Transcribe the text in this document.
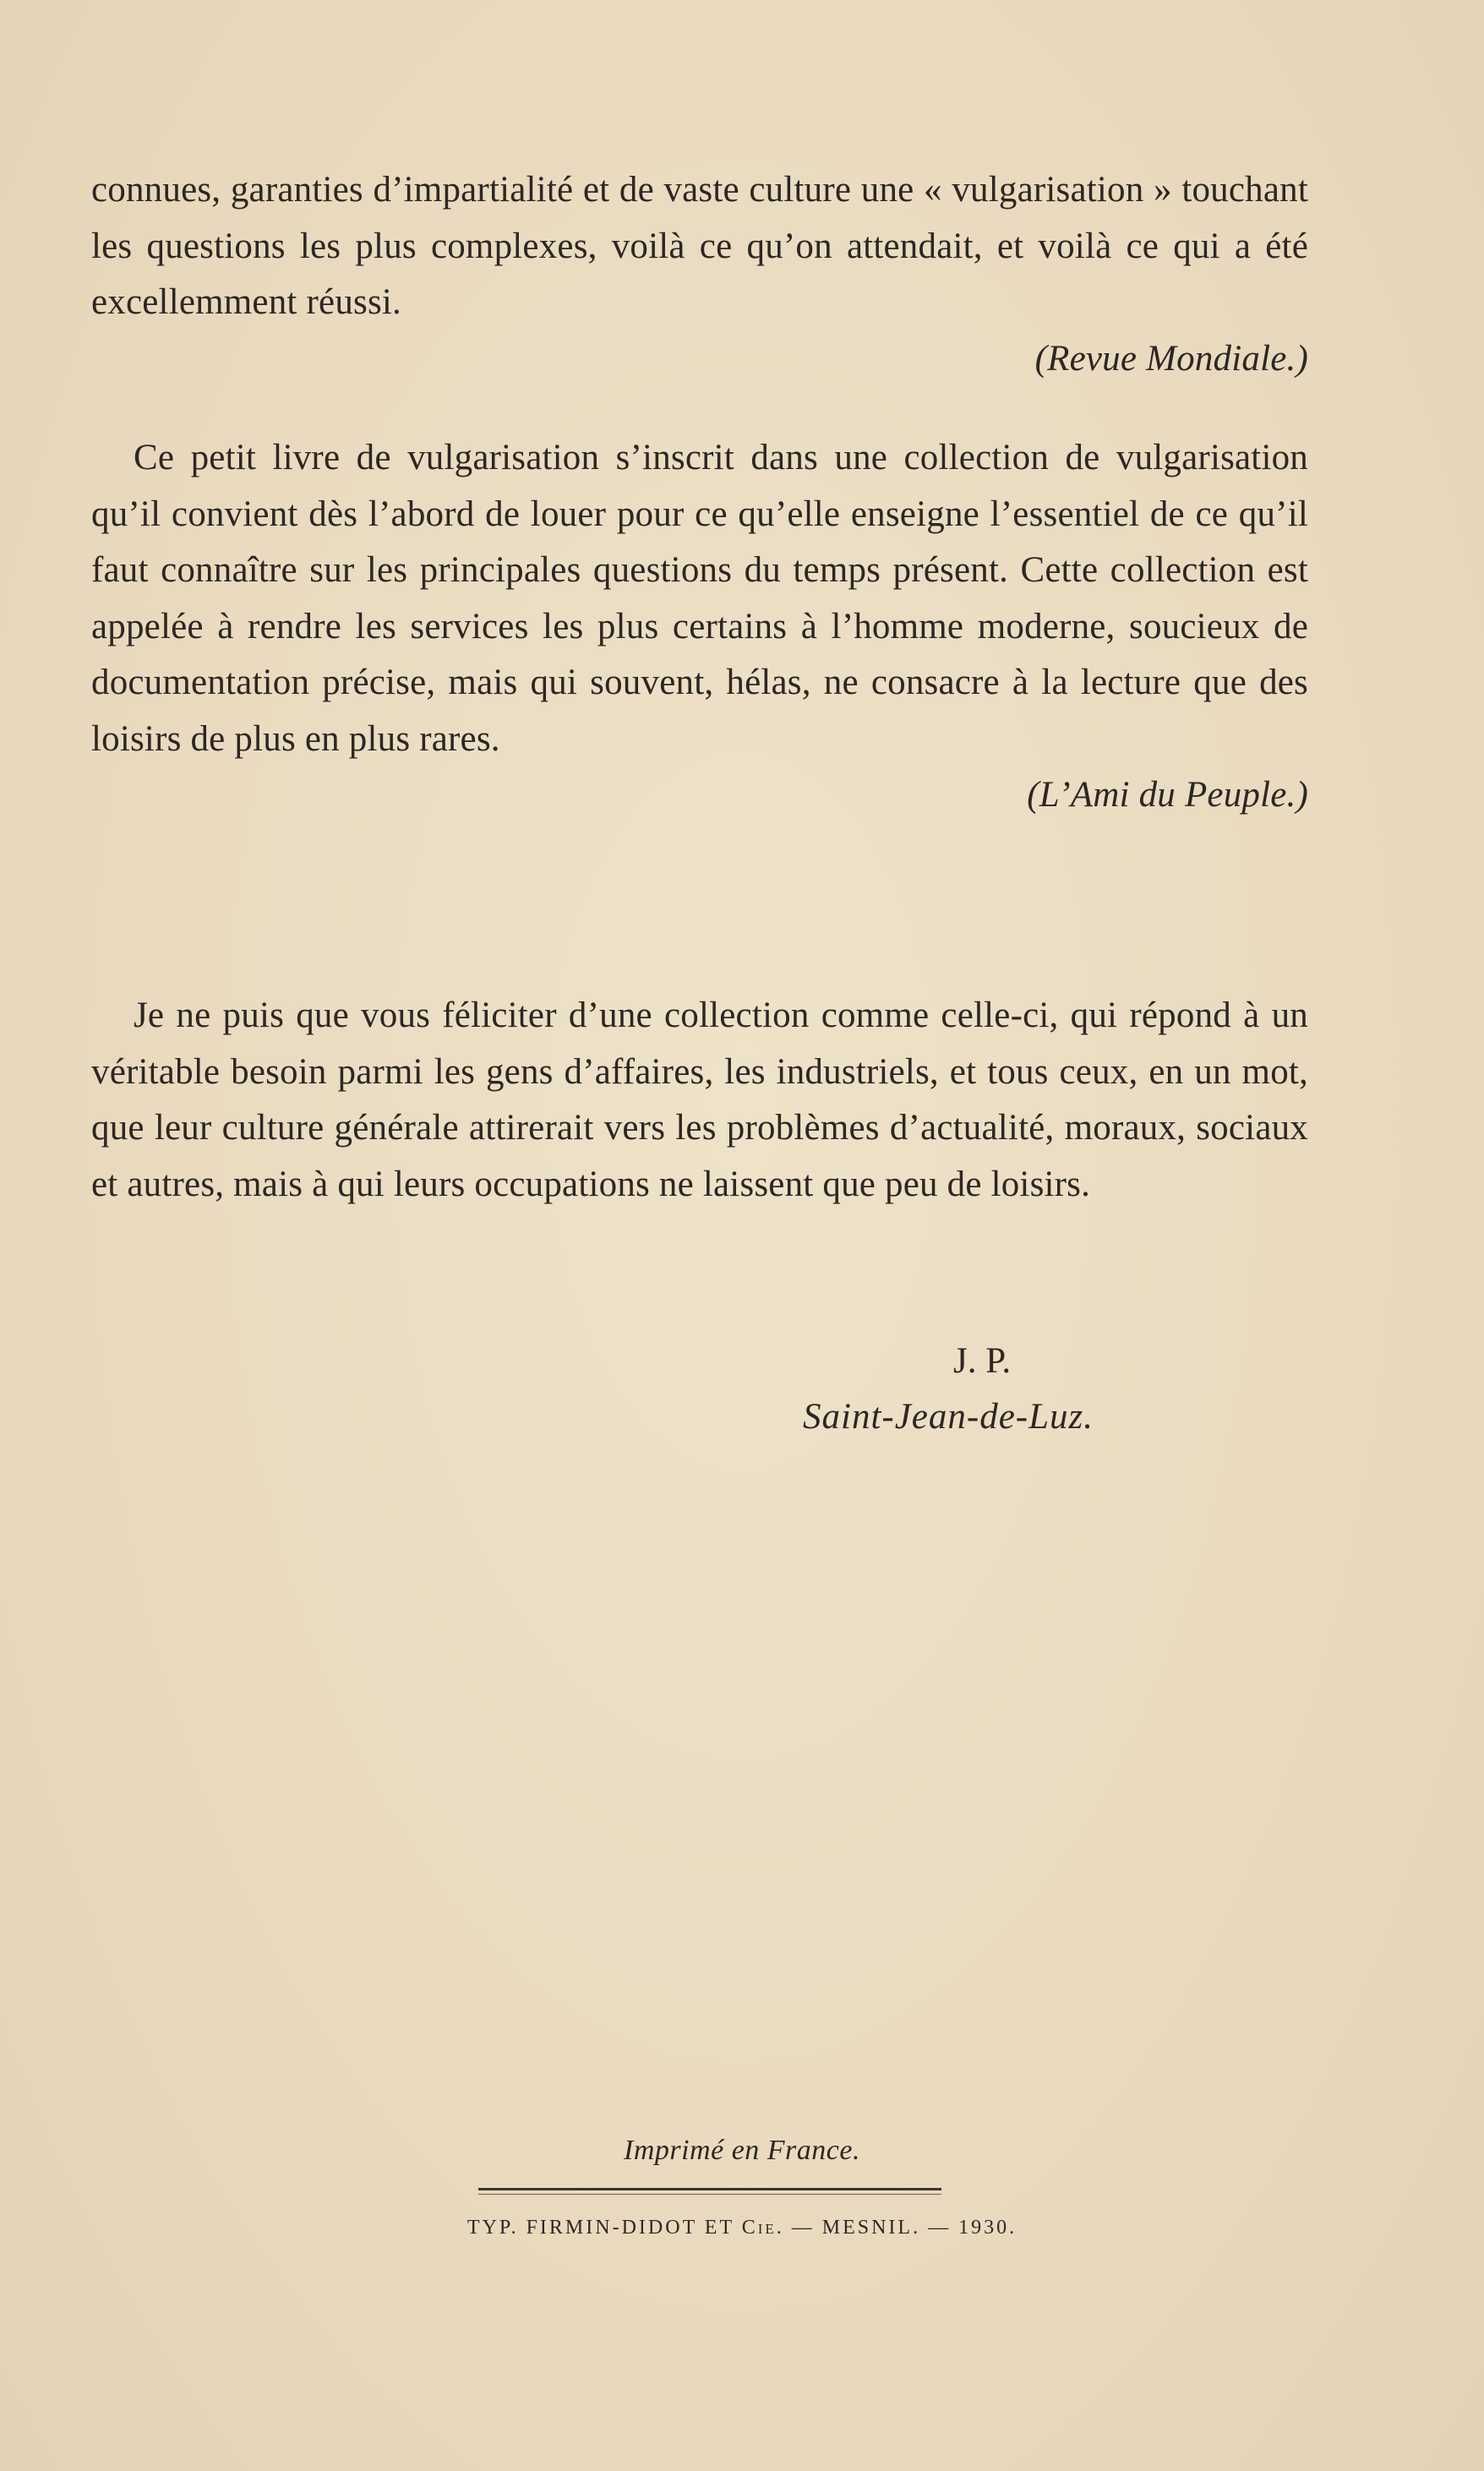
connues, garanties d’impartialité et de vaste culture une « vulgarisation » touchant les questions les plus complexes, voilà ce qu’on attendait, et voilà ce qui a été excellemment réussi.

(Revue Mondiale.)

Ce petit livre de vulgarisation s’inscrit dans une collection de vulgarisation qu’il convient dès l’abord de louer pour ce qu’elle enseigne l’essentiel de ce qu’il faut connaître sur les principales questions du temps présent. Cette collection est appelée à rendre les services les plus certains à l’homme moderne, soucieux de documentation précise, mais qui souvent, hélas, ne consacre à la lecture que des loisirs de plus en plus rares.

(L’Ami du Peuple.)

Je ne puis que vous féliciter d’une collection comme celle-ci, qui répond à un véritable besoin parmi les gens d’affaires, les industriels, et tous ceux, en un mot, que leur culture générale attirerait vers les problèmes d’actualité, moraux, sociaux et autres, mais à qui leurs occupations ne laissent que peu de loisirs.

J. P.
Saint-Jean-de-Luz.
Imprimé en France.
TYP. FIRMIN-DIDOT ET Cie. — MESNIL. — 1930.
